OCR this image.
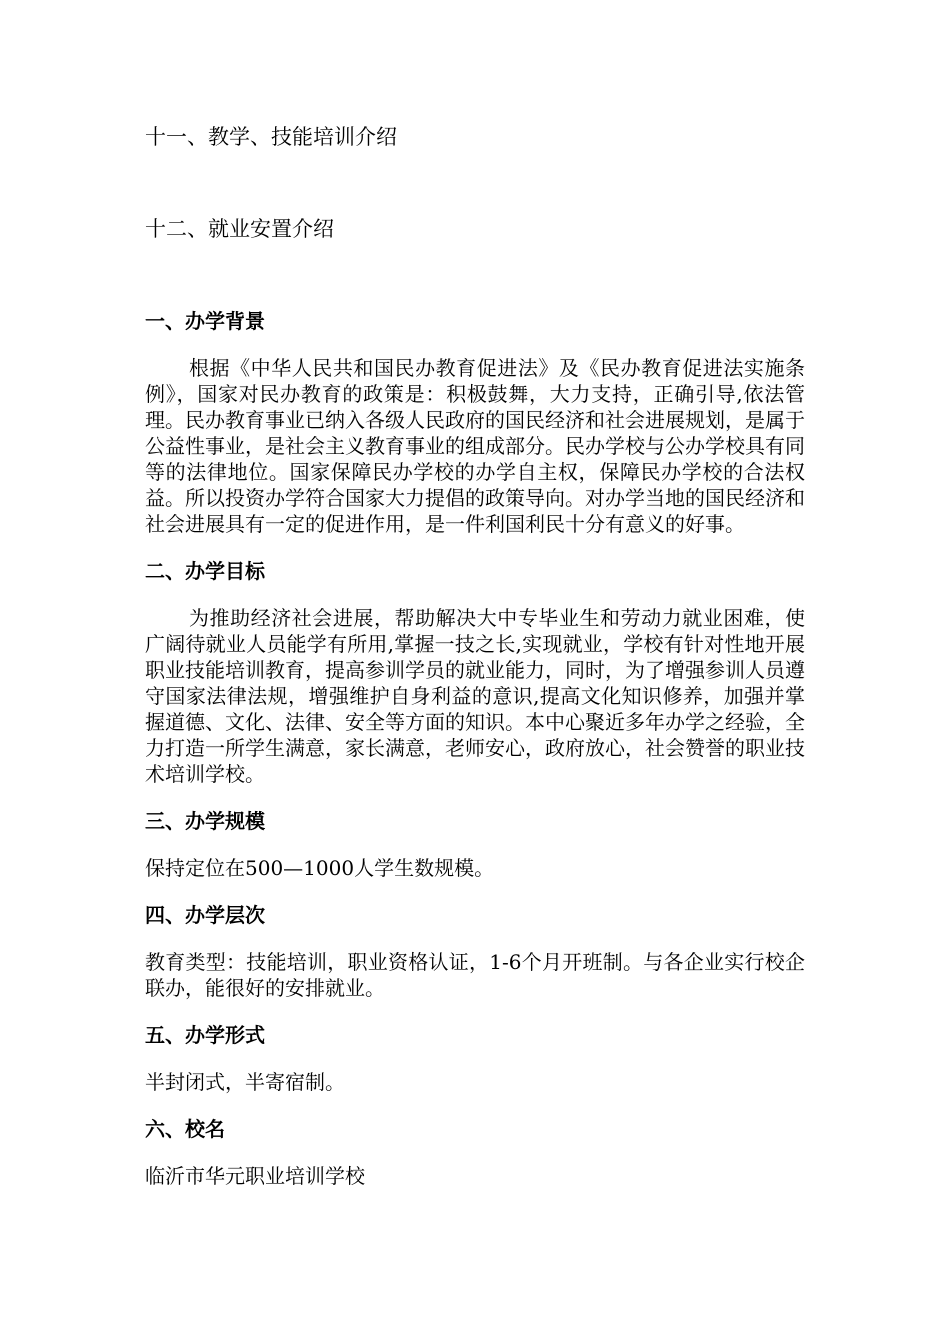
十一、教学、技能培训介绍
十二、就业安置介绍
一、办学背景

根据《中华人民共和国民办教育促进法》及《民办教育促进法实施条例》，国家对民办教育的政策是：积极鼓舞，大力支持，正确引导,依法管理。民办教育事业已纳入各级人民政府的国民经济和社会进展规划，是属于公益性事业，是社会主义教育事业的组成部分。民办学校与公办学校具有同等的法律地位。国家保障民办学校的办学自主权，保障民办学校的合法权益。所以投资办学符合国家大力提倡的政策导向。对办学当地的国民经济和社会进展具有一定的促进作用，是一件利国利民十分有意义的好事。

二、办学目标

为推助经济社会进展，帮助解决大中专毕业生和劳动力就业困难，使广阔待就业人员能学有所用,掌握一技之长,实现就业，学校有针对性地开展职业技能培训教育，提高参训学员的就业能力，同时，为了增强参训人员遵守国家法律法规，增强维护自身利益的意识,提高文化知识修养，加强并掌握道德、文化、法律、安全等方面的知识。本中心聚近多年办学之经验，全力打造一所学生满意，家长满意，老师安心，政府放心，社会赞誉的职业技术培训学校。

三、办学规模

保持定位在500—1000人学生数规模。

四、办学层次

教育类型：技能培训，职业资格认证，1-6个月开班制。与各企业实行校企联办，能很好的安排就业。

五、办学形式

半封闭式，半寄宿制。

六、校名

临沂市华元职业培训学校
